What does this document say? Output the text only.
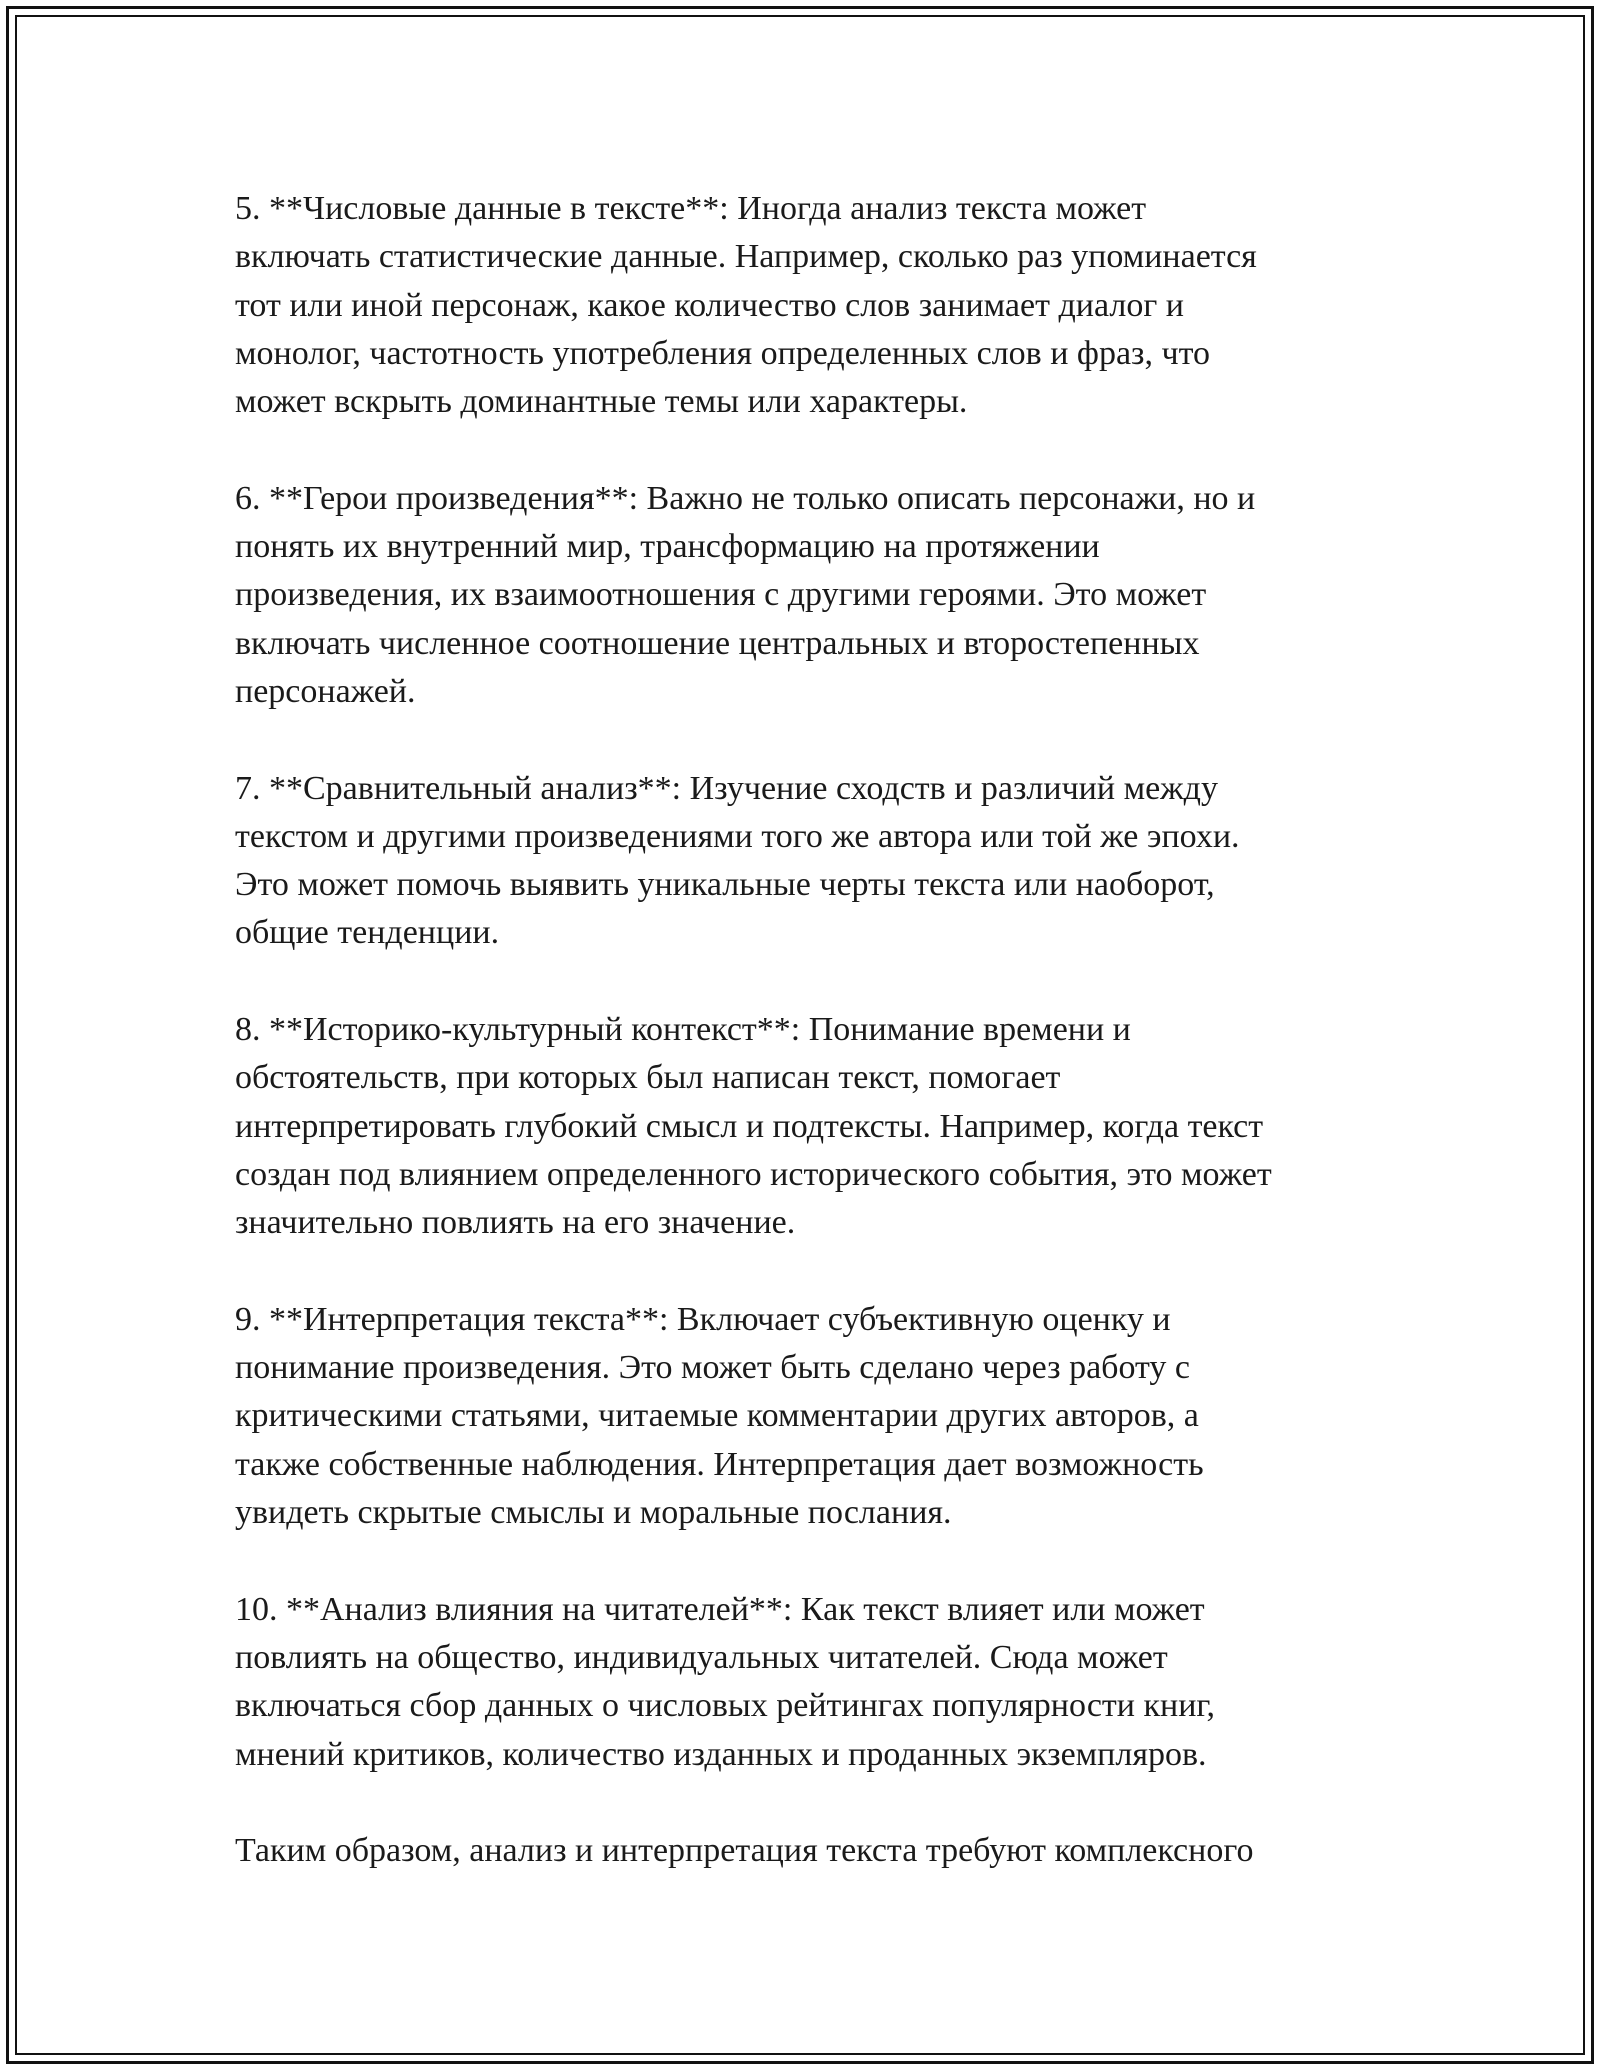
5. **Числовые данные в тексте**: Иногда анализ текста может
включать статистические данные. Например, сколько раз упоминается
тот или иной персонаж, какое количество слов занимает диалог и
монолог, частотность употребления определенных слов и фраз, что
может вскрыть доминантные темы или характеры.

6. **Герои произведения**: Важно не только описать персонажи, но и
понять их внутренний мир, трансформацию на протяжении
произведения, их взаимоотношения с другими героями. Это может
включать численное соотношение центральных и второстепенных
персонажей.

7. **Сравнительный анализ**: Изучение сходств и различий между
текстом и другими произведениями того же автора или той же эпохи.
Это может помочь выявить уникальные черты текста или наоборот,
общие тенденции.

8. **Историко-культурный контекст**: Понимание времени и
обстоятельств, при которых был написан текст, помогает
интерпретировать глубокий смысл и подтексты. Например, когда текст
создан под влиянием определенного исторического события, это может
значительно повлиять на его значение.

9. **Интерпретация текста**: Включает субъективную оценку и
понимание произведения. Это может быть сделано через работу с
критическими статьями, читаемые комментарии других авторов, а
также собственные наблюдения. Интерпретация дает возможность
увидеть скрытые смыслы и моральные послания.

10. **Анализ влияния на читателей**: Как текст влияет или может
повлиять на общество, индивидуальных читателей. Сюда может
включаться сбор данных о числовых рейтингах популярности книг,
мнений критиков, количество изданных и проданных экземпляров.

Таким образом, анализ и интерпретация текста требуют комплексного
